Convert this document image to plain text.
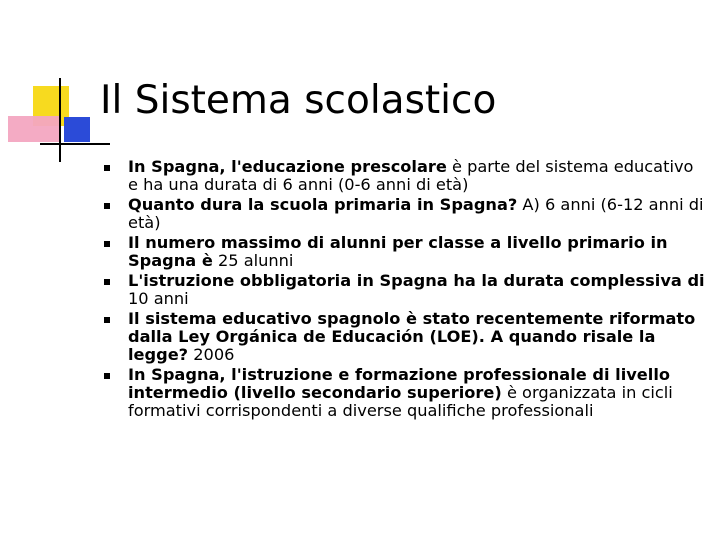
Il Sistema scolastico
In Spagna, l'educazione prescolare è parte del sistema educativo e ha una durata di 6 anni (0-6 anni di età)
Quanto dura la scuola primaria in Spagna? A) 6 anni (6-12 anni di età)
Il numero massimo di alunni per classe a livello primario in Spagna è 25 alunni
L'istruzione obbligatoria in Spagna ha la durata complessiva di 10 anni
Il sistema educativo spagnolo è stato recentemente riformato dalla Ley Orgánica de Educación (LOE). A quando risale la legge? 2006
In Spagna, l'istruzione e formazione professionale di livello intermedio (livello secondario superiore) è organizzata in cicli formativi corrispondenti a diverse qualifiche professionali
